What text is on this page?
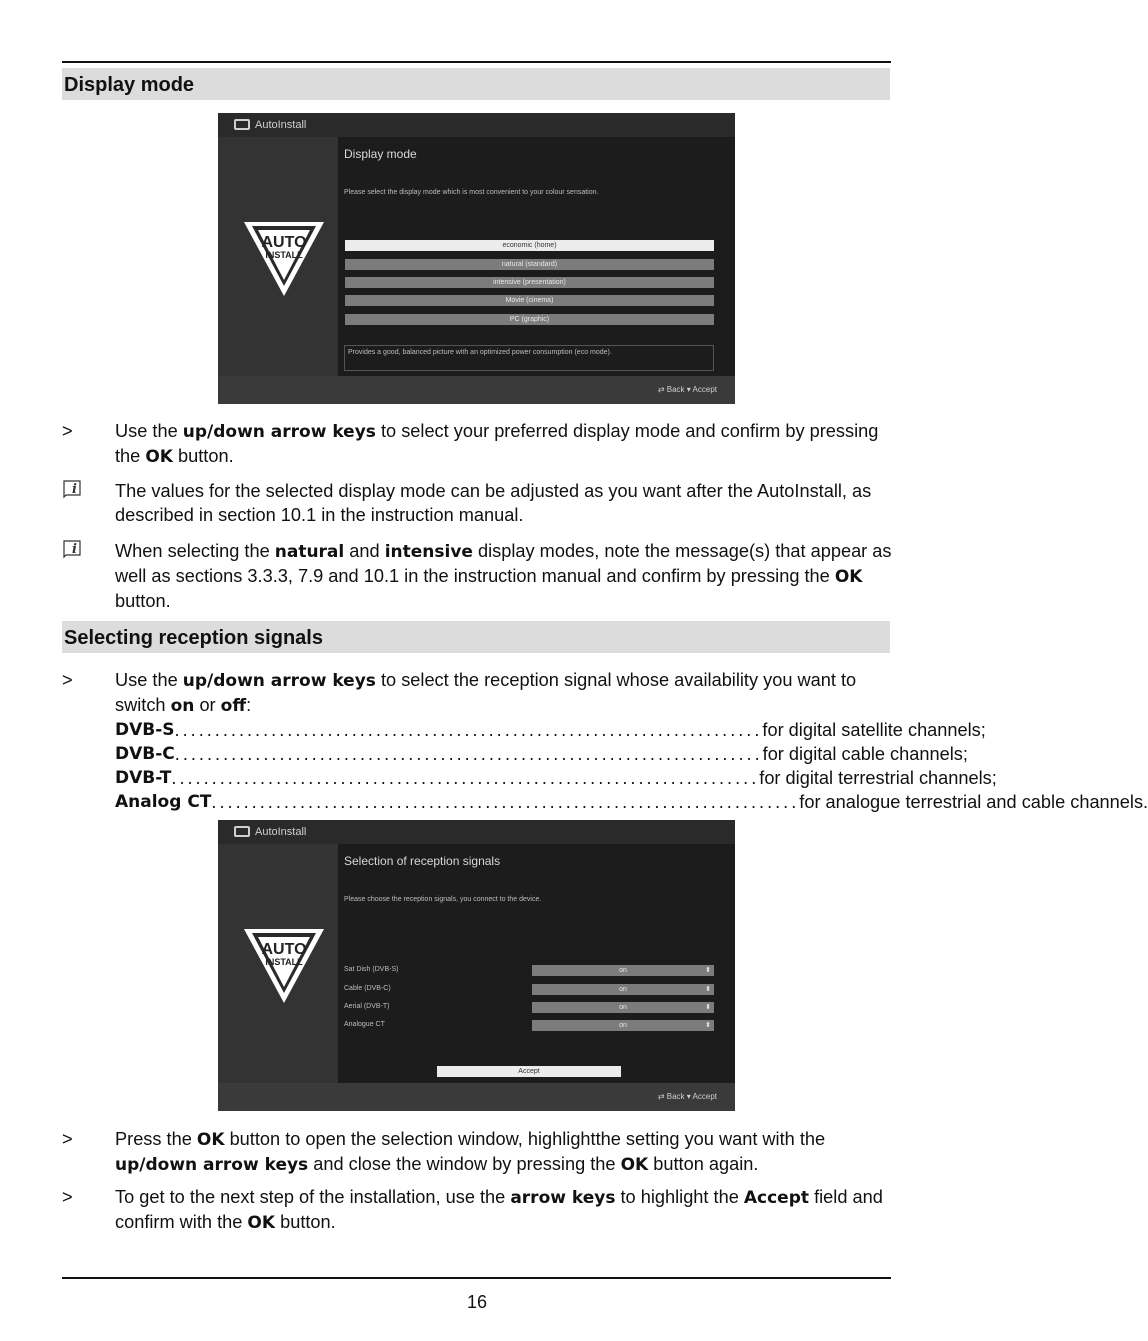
Display mode
AutoInstall
AUTO
INSTALL
Display mode
Please select the display mode which is most convenient to your colour sensation.
economic (home)
natural (standard)
intensive (presentation)
Movie (cinema)
PC (graphic)
Provides a good, balanced picture with an optimized power consumption (eco mode).
⇄ Back ▾ Accept
>	Use the up/down arrow keys to select your preferred display mode and confirm by pressing the OK button.
i The values for the selected display mode can be adjusted as you want after the AutoInstall, as described in section 10.1 in the instruction manual.
i When selecting the natural and intensive display modes, note the message(s) that appear as well as sections 3.3.3, 7.9 and 10.1 in the instruction manual and confirm by pressing the OK button.
Selecting reception signals
>	Use the up/down arrow keys to select the reception signal whose availability you want to switch on or off:
DVB-S ......................................................................... for digital satellite channels;
DVB-C ......................................................................... for digital cable channels;
DVB-T ......................................................................... for digital terrestrial channels;
Analog CT ......................................................................... for analogue terrestrial and cable channels.
AutoInstall
AUTO
INSTALL
Selection of reception signals
Please choose the reception signals, you connect to the device.
Sat Dish (DVB-S)	on	⬍
Cable (DVB-C)	on	⬍
Aerial (DVB-T)	on	⬍
Analogue CT	on	⬍
Accept
⇄ Back ▾ Accept
>	Press the OK button to open the selection window, highlightthe setting you want with the up/down arrow keys and close the window by pressing the OK button again.
>	To get to the next step of the installation, use the arrow keys to highlight the Accept field and confirm with the OK button.
16
